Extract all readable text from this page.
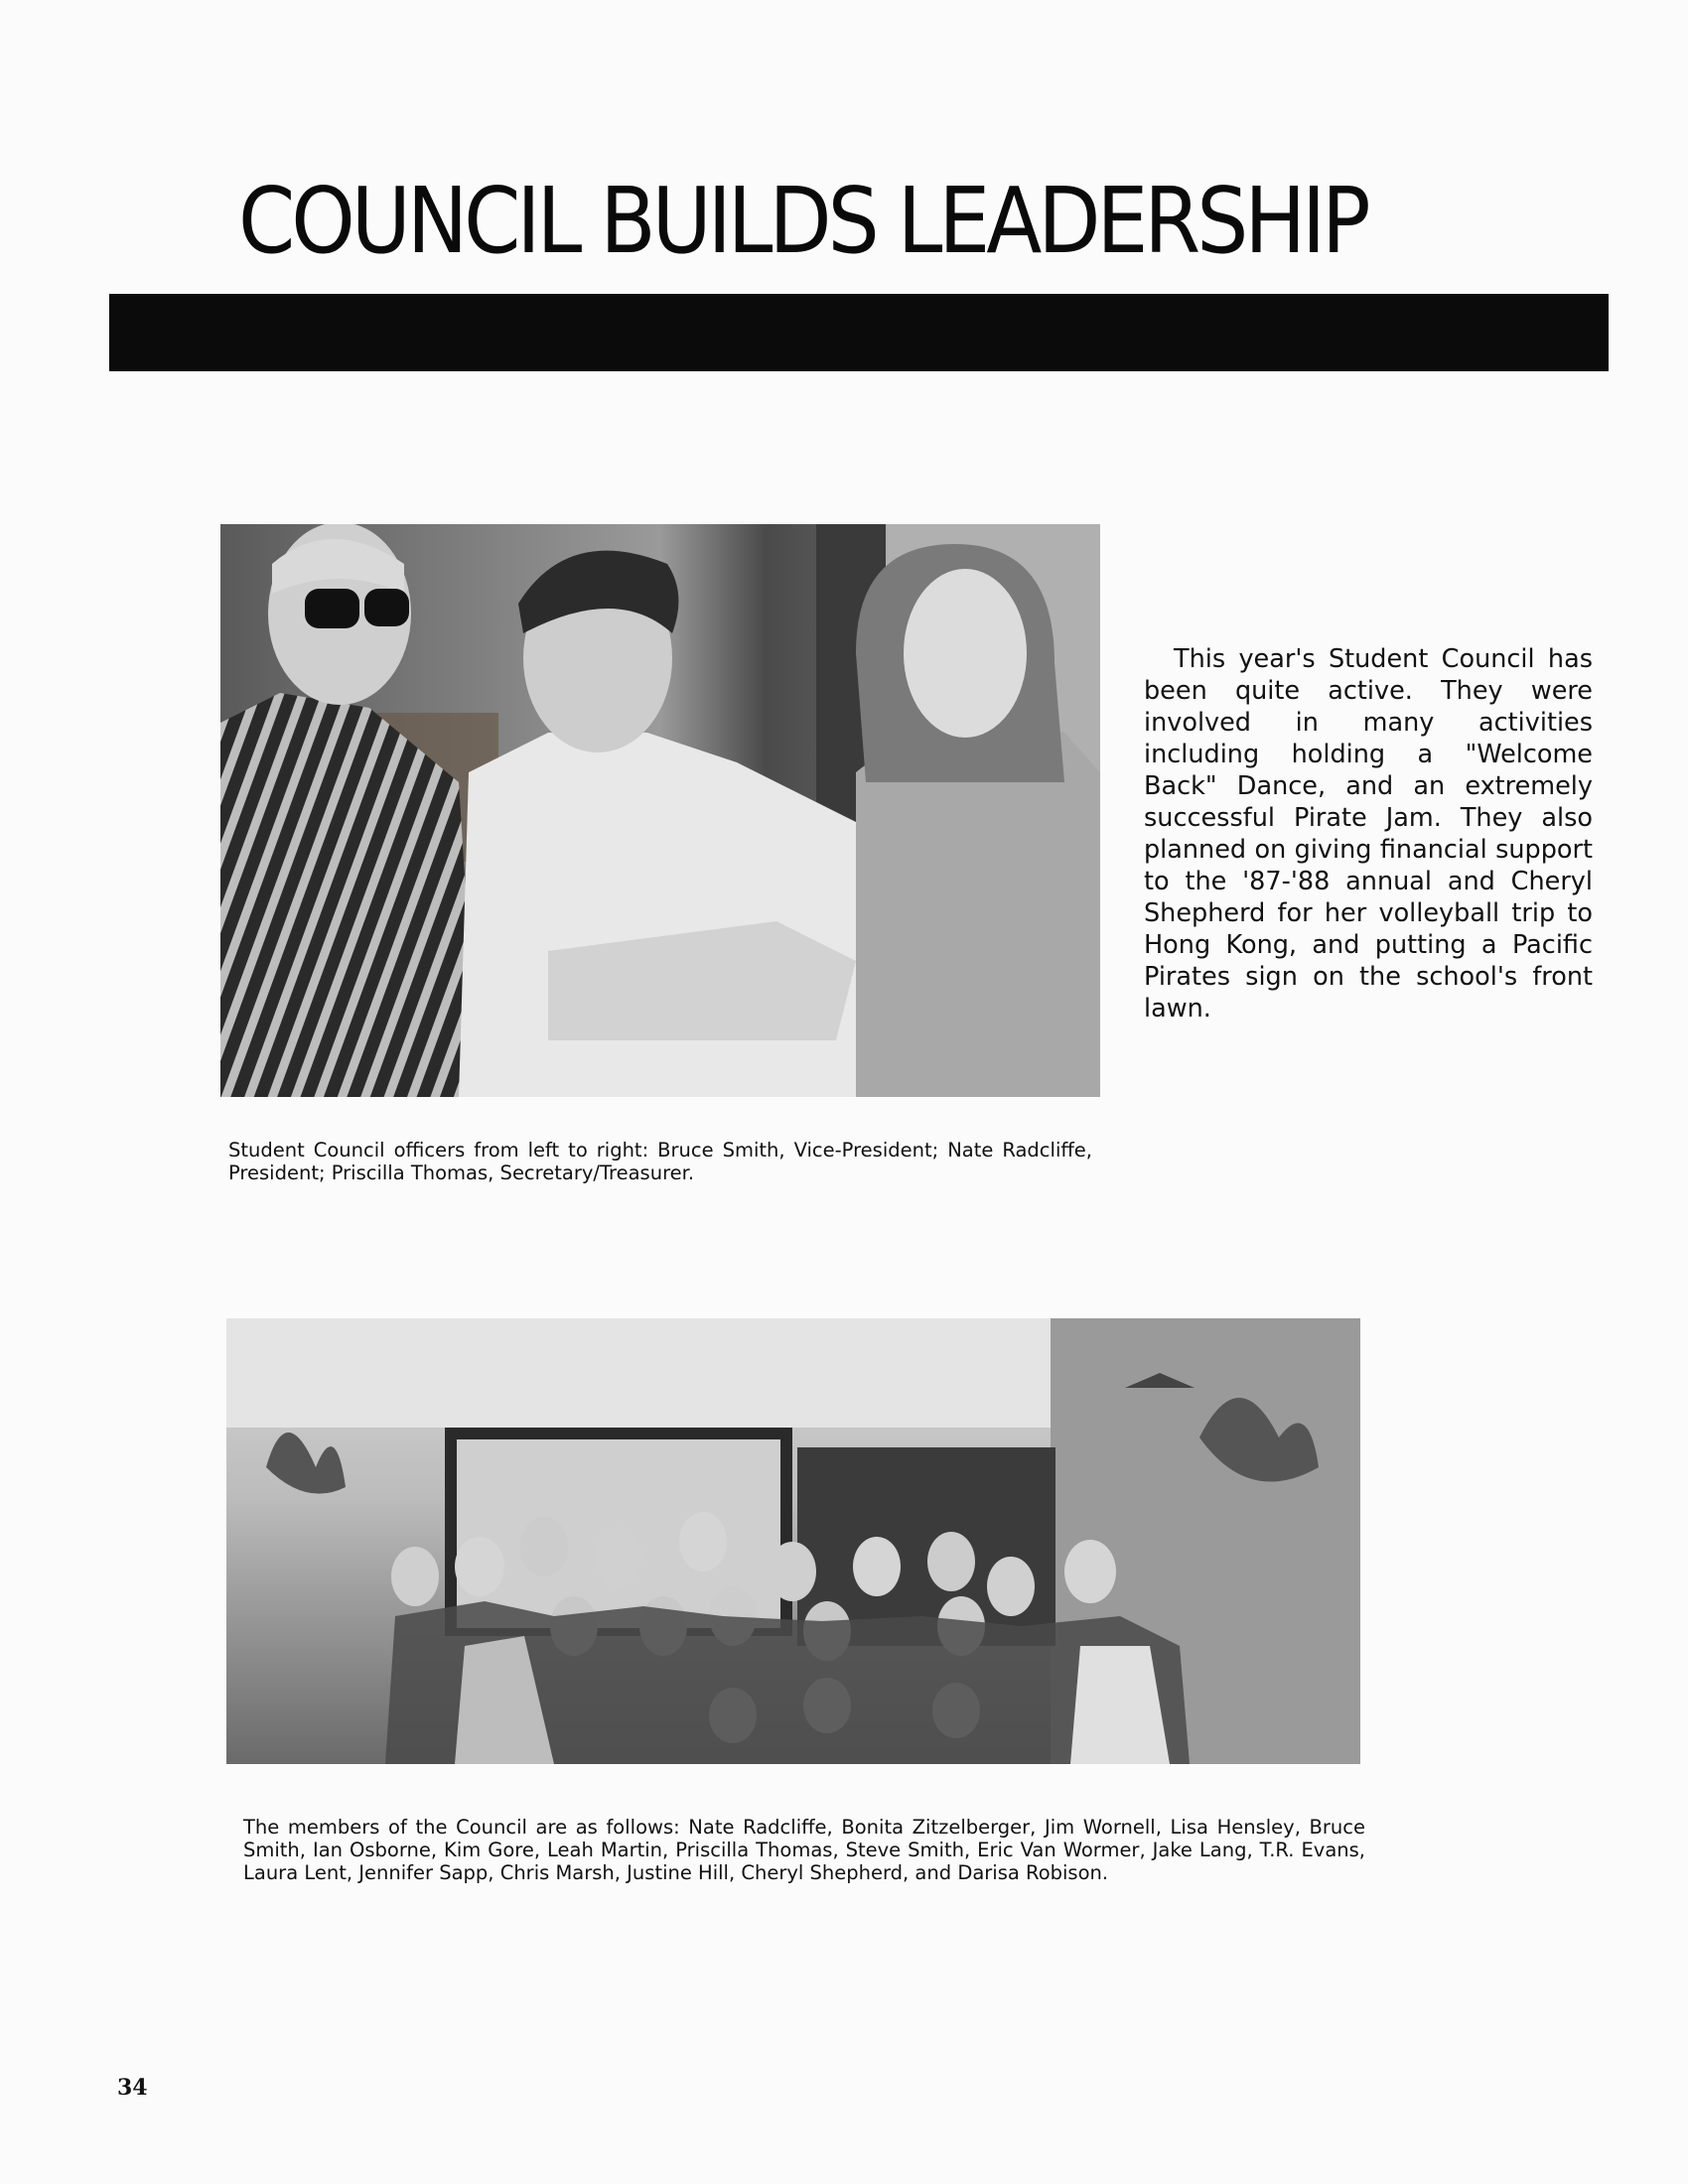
COUNCIL BUILDS LEADERSHIP
This year's Student Council has been quite active. They were involved in many activities including holding a "Welcome Back" Dance, and an extremely successful Pirate Jam. They also planned on giving financial support to the '87-'88 annual and Cheryl Shepherd for her volleyball trip to Hong Kong, and putting a Pacific Pirates sign on the school's front lawn.
Student Council officers from left to right: Bruce Smith, Vice-President; Nate Radcliffe, President; Priscilla Thomas, Secretary/Treasurer.
The members of the Council are as follows: Nate Radcliffe, Bonita Zitzelberger, Jim Wornell, Lisa Hensley, Bruce Smith, Ian Osborne, Kim Gore, Leah Martin, Priscilla Thomas, Steve Smith, Eric Van Wormer, Jake Lang, T.R. Evans, Laura Lent, Jennifer Sapp, Chris Marsh, Justine Hill, Cheryl Shepherd, and Darisa Robison.
34
